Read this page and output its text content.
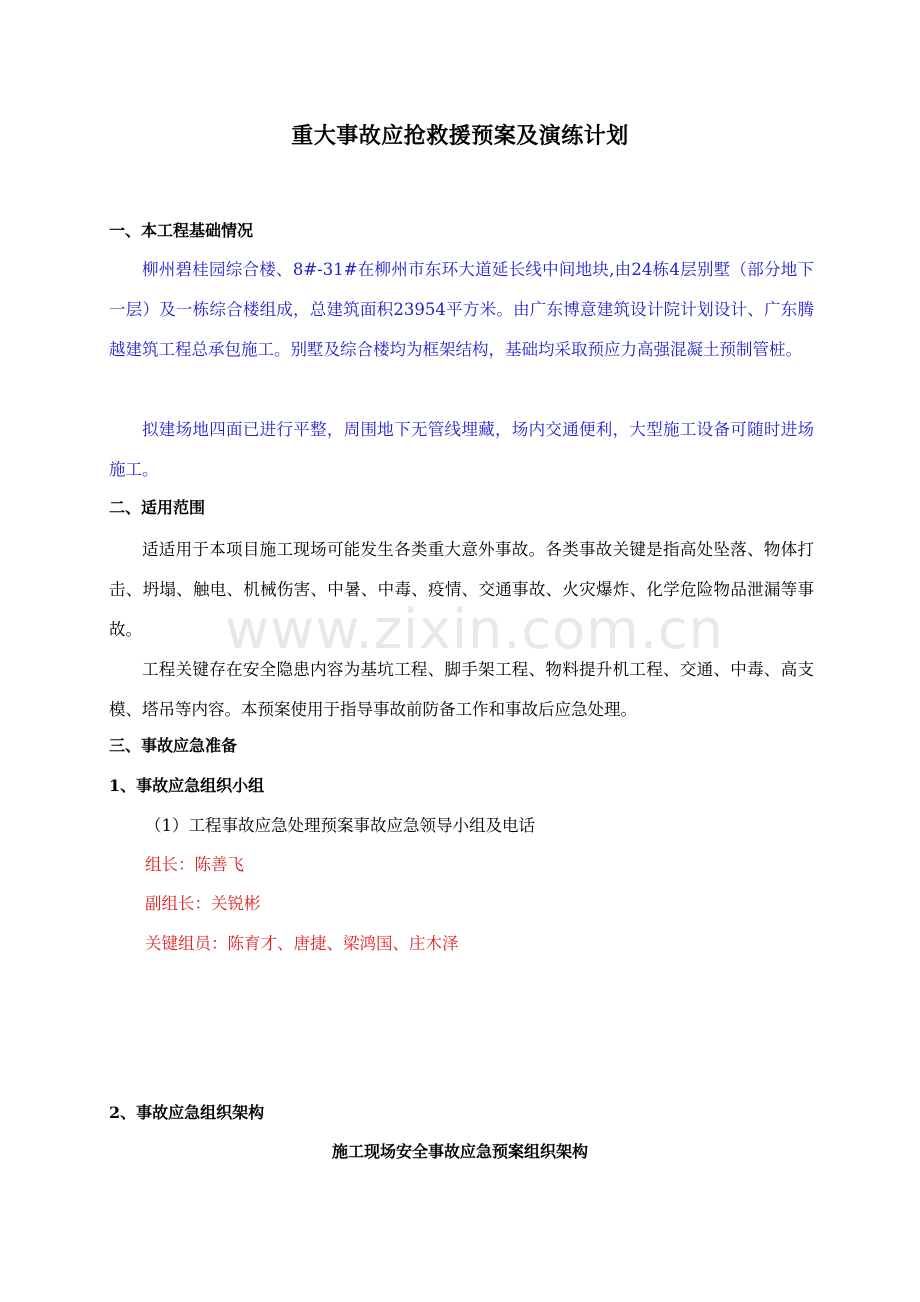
重大事故应抢救援预案及演练计划
一、本工程基础情况
柳州碧桂园综合楼、8#-31#在柳州市东环大道延长线中间地块,由24栋4层别墅（部分地下一层）及一栋综合楼组成，总建筑面积23954平方米。由广东博意建筑设计院计划设计、广东腾越建筑工程总承包施工。别墅及综合楼均为框架结构，基础均采取预应力高强混凝土预制管桩。
拟建场地四面已进行平整，周围地下无管线埋藏，场内交通便利，大型施工设备可随时进场施工。
二、适用范围
适适用于本项目施工现场可能发生各类重大意外事故。各类事故关键是指高处坠落、物体打击、坍塌、触电、机械伤害、中暑、中毒、疫情、交通事故、火灾爆炸、化学危险物品泄漏等事故。
工程关键存在安全隐患内容为基坑工程、脚手架工程、物料提升机工程、交通、中毒、高支模、塔吊等内容。本预案使用于指导事故前防备工作和事故后应急处理。
三、事故应急准备
1、事故应急组织小组
（1）工程事故应急处理预案事故应急领导小组及电话
组长：陈善飞
副组长：关锐彬
关键组员：陈育才、唐捷、梁鸿国、庄木泽
2、事故应急组织架构
施工现场安全事故应急预案组织架构
www.zixin.com.cn
